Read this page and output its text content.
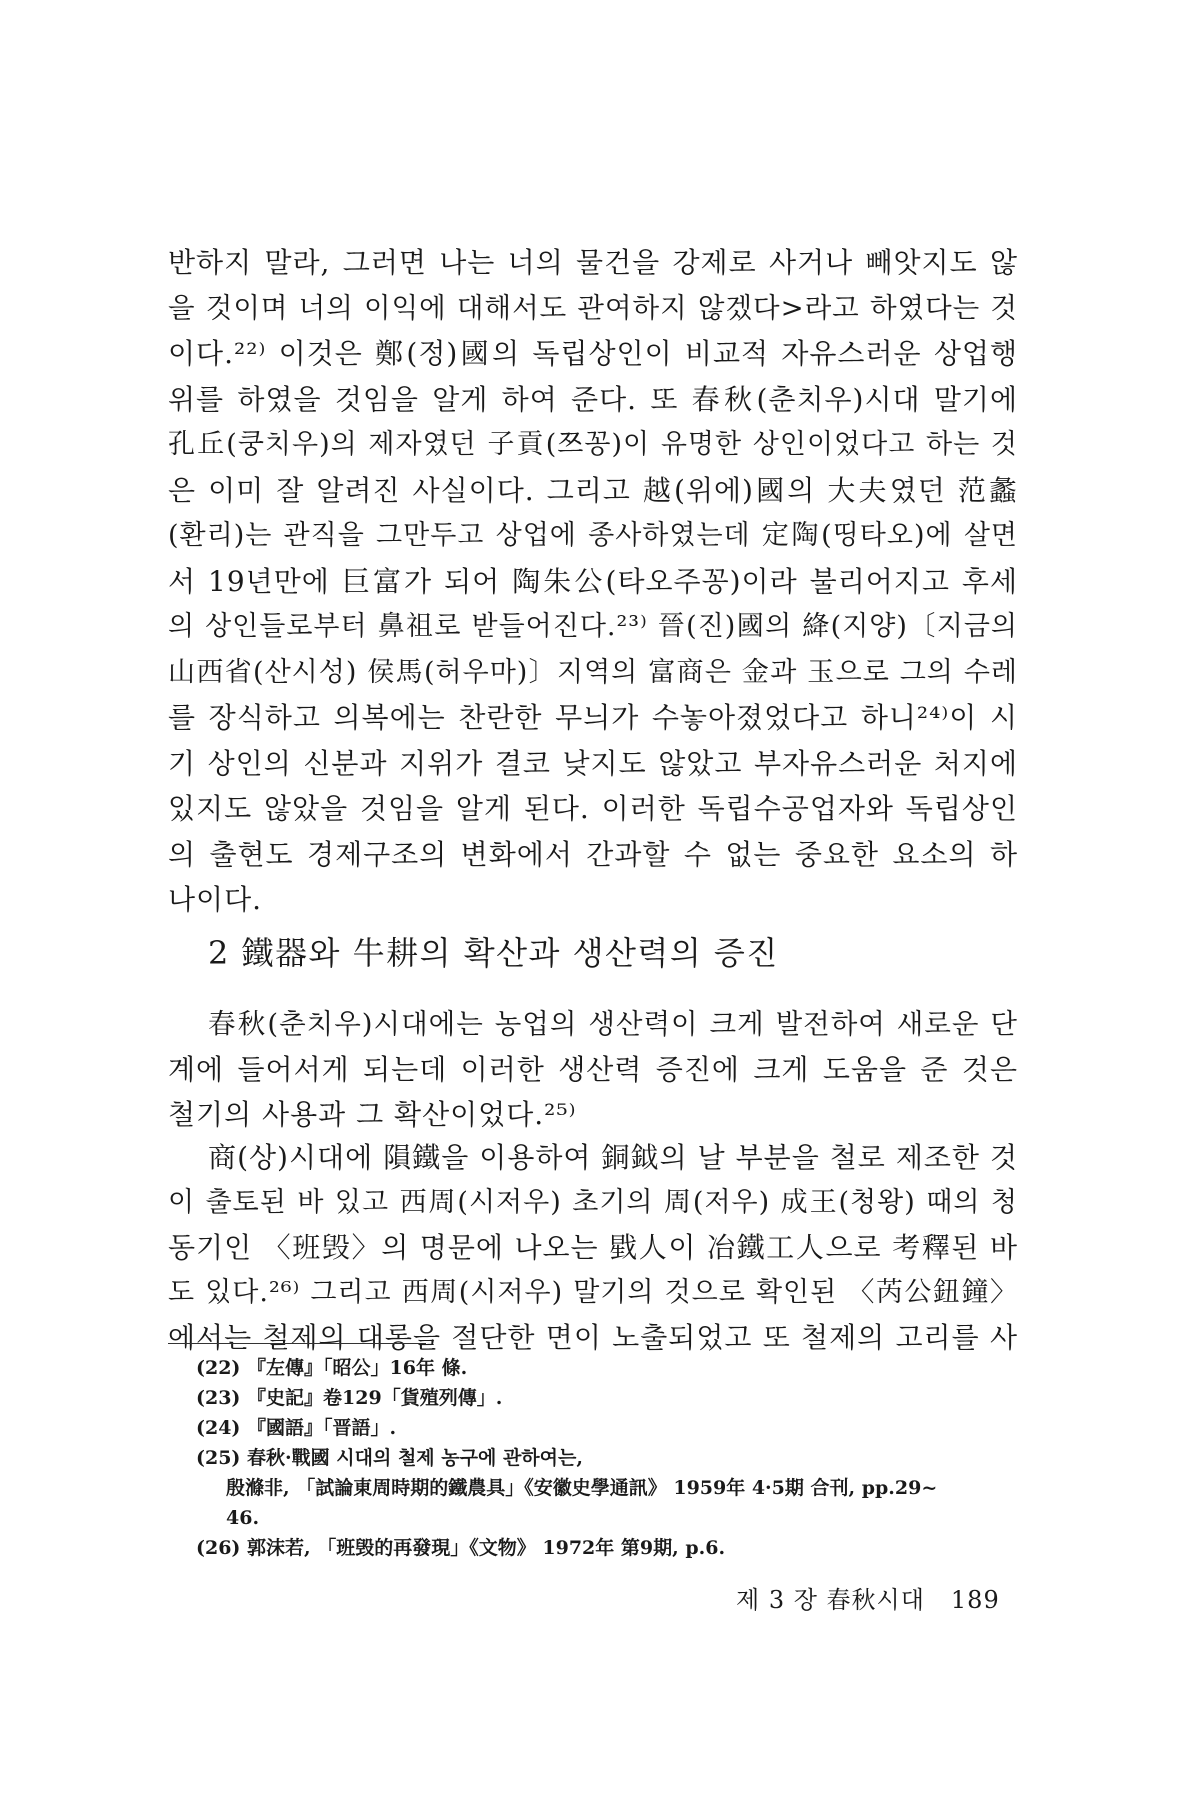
반하지 말라, 그러면 나는 너의 물건을 강제로 사거나 빼앗지도 않
을 것이며 너의 이익에 대해서도 관여하지 않겠다>라고 하였다는 것
이다.²²⁾ 이것은 鄭(정)國의 독립상인이 비교적 자유스러운 상업행
위를 하였을 것임을 알게 하여 준다. 또 春秋(춘치우)시대 말기에
孔丘(쿵치우)의 제자였던 子貢(쯔꽁)이 유명한 상인이었다고 하는 것
은 이미 잘 알려진 사실이다. 그리고 越(위에)國의 大夫였던 范蠡
(환리)는 관직을 그만두고 상업에 종사하였는데 定陶(띵타오)에 살면
서 19년만에 巨富가 되어 陶朱公(타오주꽁)이라 불리어지고 후세
의 상인들로부터 鼻祖로 받들어진다.²³⁾ 晉(진)國의 絳(지양)〔지금의
山西省(산시성) 侯馬(허우마)〕지역의 富商은 金과 玉으로 그의 수레
를 장식하고 의복에는 찬란한 무늬가 수놓아졌었다고 하니²⁴⁾이 시
기 상인의 신분과 지위가 결코 낮지도 않았고 부자유스러운 처지에
있지도 않았을 것임을 알게 된다. 이러한 독립수공업자와 독립상인
의 출현도 경제구조의 변화에서 간과할 수 없는 중요한 요소의 하
나이다.
2 鐵器와 牛耕의 확산과 생산력의 증진
春秋(춘치우)시대에는 농업의 생산력이 크게 발전하여 새로운 단
계에 들어서게 되는데 이러한 생산력 증진에 크게 도움을 준 것은
철기의 사용과 그 확산이었다.²⁵⁾
商(상)시대에 隕鐵을 이용하여 銅鉞의 날 부분을 철로 제조한 것
이 출토된 바 있고 西周(시저우) 초기의 周(저우) 成王(청왕) 때의 청
동기인 〈班毁〉의 명문에 나오는 戥人이 冶鐵工人으로 考釋된 바
도 있다.²⁶⁾ 그리고 西周(시저우) 말기의 것으로 확인된 〈芮公鈕鐘〉
에서는 철제의 대롱을 절단한 면이 노출되었고 또 철제의 고리를 사
(22) 『左傳』「昭公」16年 條.
(23) 『史記』卷129「貨殖列傳」.
(24) 『國語』「晋語」.
(25) 春秋·戰國 시대의 철제 농구에 관하여는,
殷滌非, 「試論東周時期的鐵農具」《安徽史學通訊》 1959年 4·5期 合刊, pp.29~
46.
(26) 郭沫若, 「班毁的再發現」《文物》 1972年 第9期, p.6.
제 3 장 春秋시대 189
